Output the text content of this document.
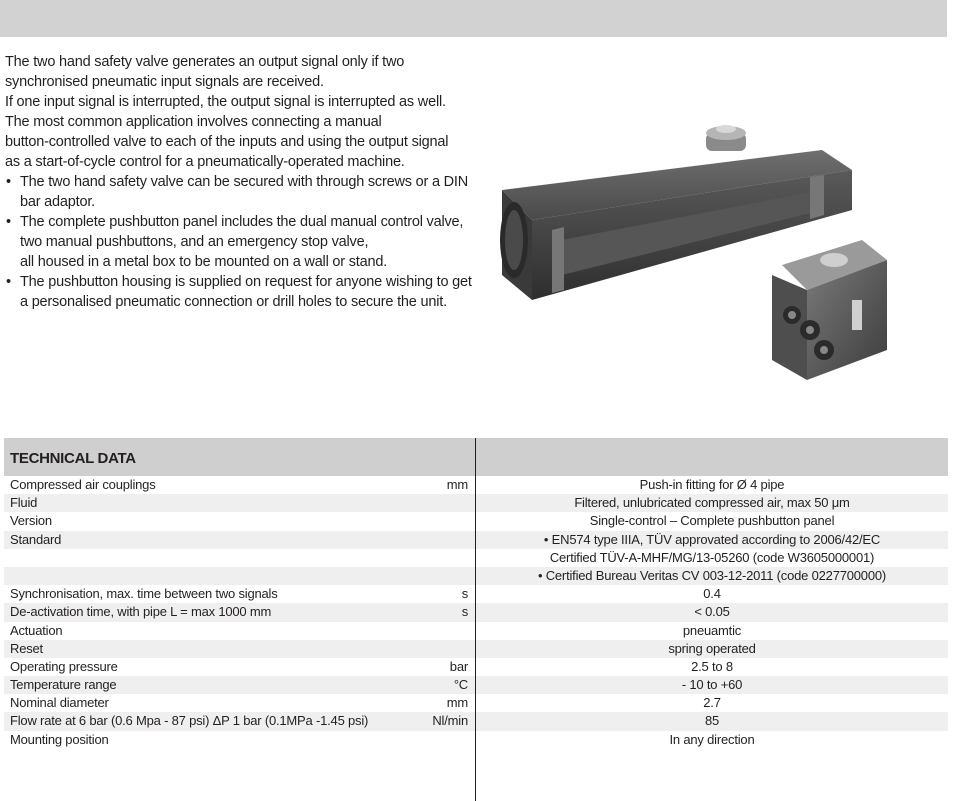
The two hand safety valve generates an output signal only if two

synchronised pneumatic input signals are received.

If one input signal is interrupted, the output signal is interrupted as well.

The most common application involves connecting a manual

button-controlled valve to each of the inputs and using the output signal

as a start-of-cycle control for a pneumatically-operated machine.

• The two hand safety valve can be secured with through screws or a DIN
bar adaptor.
• The complete pushbutton panel includes the dual manual control valve,
two manual pushbuttons, and an emergency stop valve,
all housed in a metal box to be mounted on a wall or stand.
• The pushbutton housing is supplied on request for anyone wishing to get
a personalised pneumatic connection or drill holes to secure the unit.
TECHNICAL DATA
Compressed air couplings	mm	Push-in fitting for Ø 4 pipe
Fluid	Filtered, unlubricated compressed air, max 50 μm
Version	Single-control – Complete pushbutton panel
Standard	• EN574 type IIIA, TÜV approvated according to 2006/42/EC
Certified TÜV-A-MHF/MG/13-05260 (code W3605000001)
• Certified Bureau Veritas CV 003-12-2011 (code 0227700000)
Synchronisation, max. time between two signals	s	0.4
De-activation time, with pipe L = max 1000 mm	s	< 0.05
Actuation	pneuamtic
Reset	spring operated
Operating pressure	bar	2.5 to 8
Temperature range	°C	- 10 to +60
Nominal diameter	mm	2.7
Flow rate at 6 bar (0.6 Mpa - 87 psi) ΔP 1 bar (0.1MPa -1.45 psi)	Nl/min	85
Mounting position	In any direction
